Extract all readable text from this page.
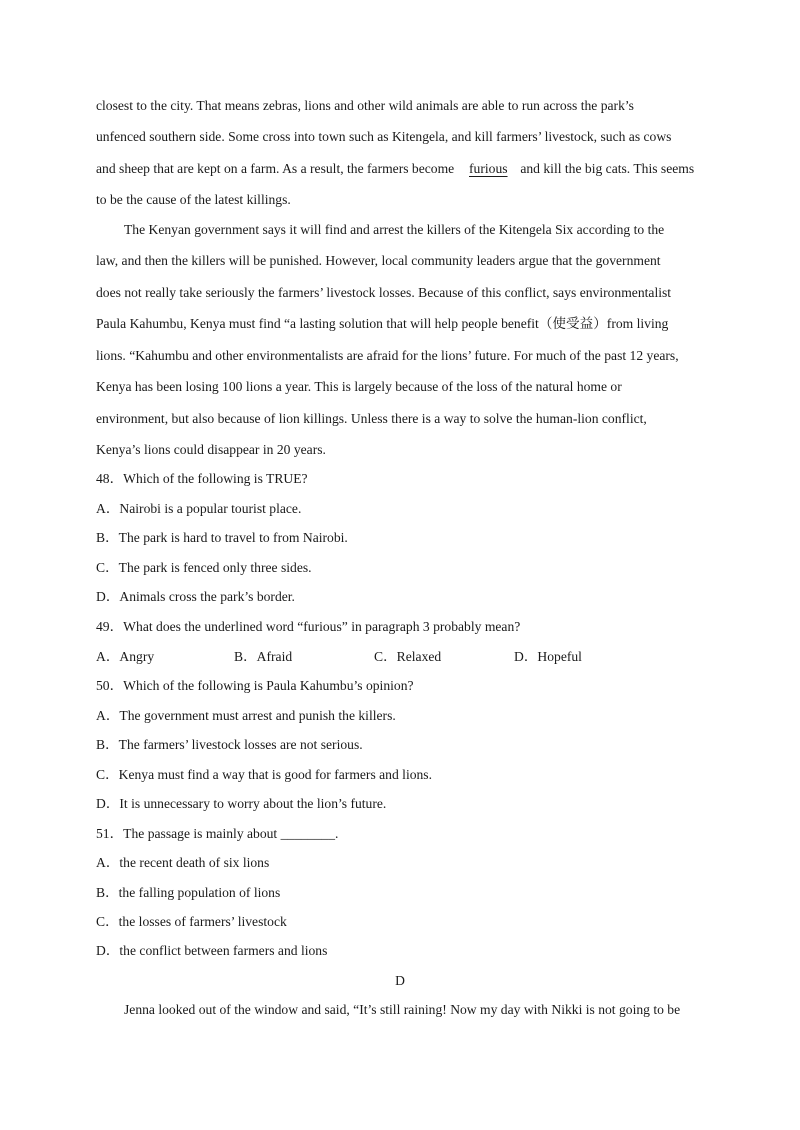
closest to the city. That means zebras, lions and other wild animals are able to run across the park’s
unfenced southern side. Some cross into town such as Kitengela, and kill farmers’ livestock, such as cows
and sheep that are kept on a farm. As a result, the farmers become furious and kill the big cats. This seems
to be the cause of the latest killings.
The Kenyan government says it will find and arrest the killers of the Kitengela Six according to the
law, and then the killers will be punished. However, local community leaders argue that the government
does not really take seriously the farmers’ livestock losses. Because of this conflict, says environmentalist
Paula Kahumbu, Kenya must find “a lasting solution that will help people benefit（使受益）from living
lions. “Kahumbu and other environmentalists are afraid for the lions’ future. For much of the past 12 years,
Kenya has been losing 100 lions a year. This is largely because of the loss of the natural home or
environment, but also because of lion killings. Unless there is a way to solve the human-lion conflict,
Kenya’s lions could disappear in 20 years.
48．Which of the following is TRUE?
A．Nairobi is a popular tourist place.
B．The park is hard to travel to from Nairobi.
C．The park is fenced only three sides.
D．Animals cross the park’s border.
49．What does the underlined word “furious” in paragraph 3 probably mean?
A．Angry	B．Afraid	C．Relaxed	D．Hopeful
50．Which of the following is Paula Kahumbu’s opinion?
A．The government must arrest and punish the killers.
B．The farmers’ livestock losses are not serious.
C．Kenya must find a way that is good for farmers and lions.
D．It is unnecessary to worry about the lion’s future.
51．The passage is mainly about ________.
A．the recent death of six lions
B．the falling population of lions
C．the losses of farmers’ livestock
D．the conflict between farmers and lions
D
Jenna looked out of the window and said, “It’s still raining! Now my day with Nikki is not going to be
